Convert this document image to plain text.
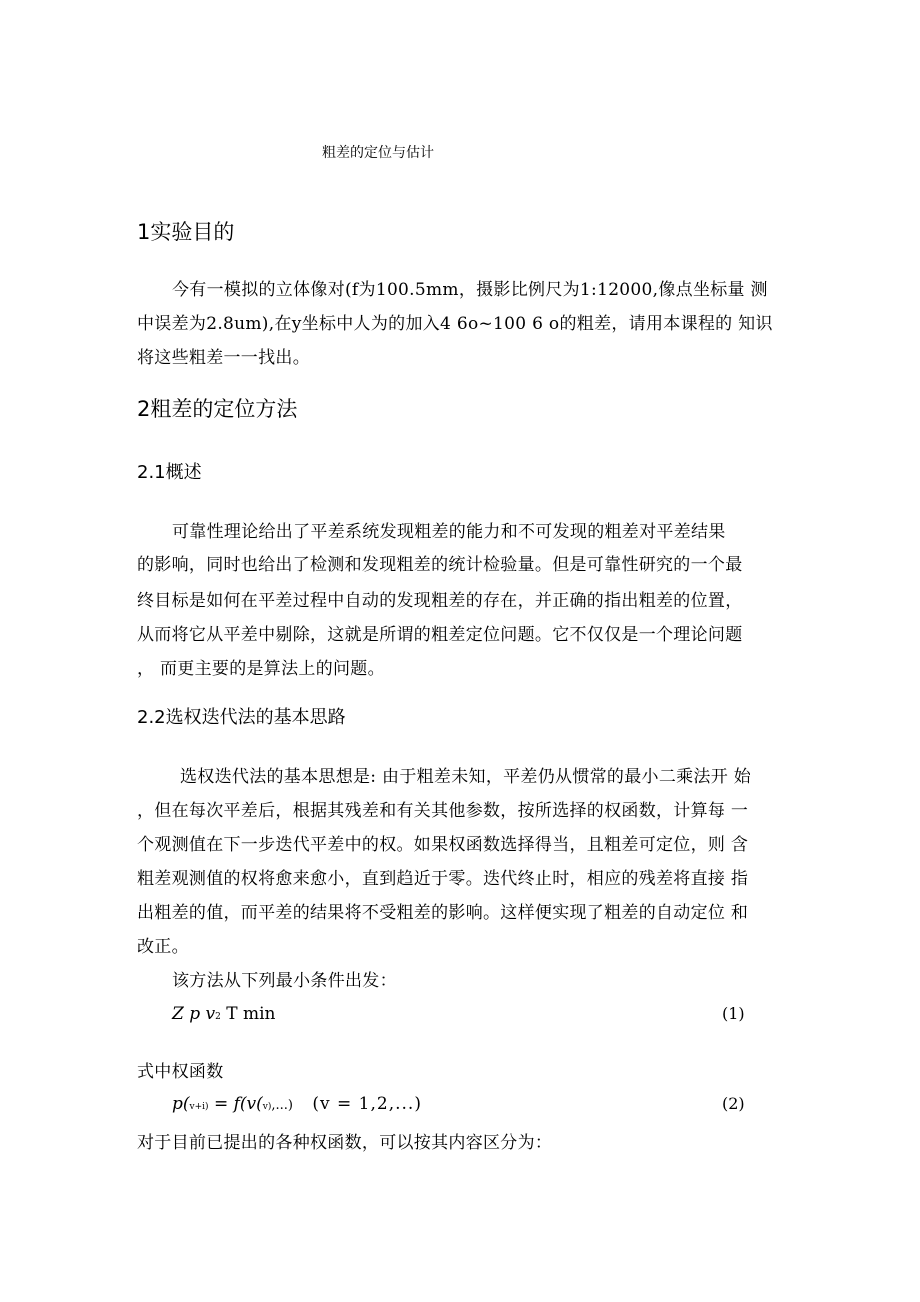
粗差的定位与估计
1实验目的
今有一模拟的立体像对(f为100.5mm，摄影比例尺为1:12000,像点坐标量 测
中误差为2.8um),在y坐标中人为的加入4 6o~100 6 o的粗差，请用本课程的 知识
将这些粗差一一找出。
2粗差的定位方法
2.1概述
可靠性理论给出了平差系统发现粗差的能力和不可发现的粗差对平差结果
的影响，同时也给出了检测和发现粗差的统计检验量。但是可靠性研究的一个最
终目标是如何在平差过程中自动的发现粗差的存在，并正确的指出粗差的位置，
从而将它从平差中剔除，这就是所谓的粗差定位问题。它不仅仅是一个理论问题
， 而更主要的是算法上的问题。
2.2选权迭代法的基本思路
选权迭代法的基本思想是: 由于粗差未知，平差仍从惯常的最小二乘法开 始
，但在每次平差后，根据其残差和有关其他参数，按所选择的权函数，计算每 一
个观测值在下一步迭代平差中的权。如果权函数选择得当，且粗差可定位，则 含
粗差观测值的权将愈来愈小，直到趋近于零。迭代终止时，相应的残差将直接 指
出粗差的值，而平差的结果将不受粗差的影响。这样便实现了粗差的自动定位 和
改正。
该方法从下列最小条件出发：
Z p v2 T min	(1)
式中权函数
p(v+i) = f(v(v),...) (v = 1,2,...)	(2)
对于目前已提出的各种权函数，可以按其内容区分为：
